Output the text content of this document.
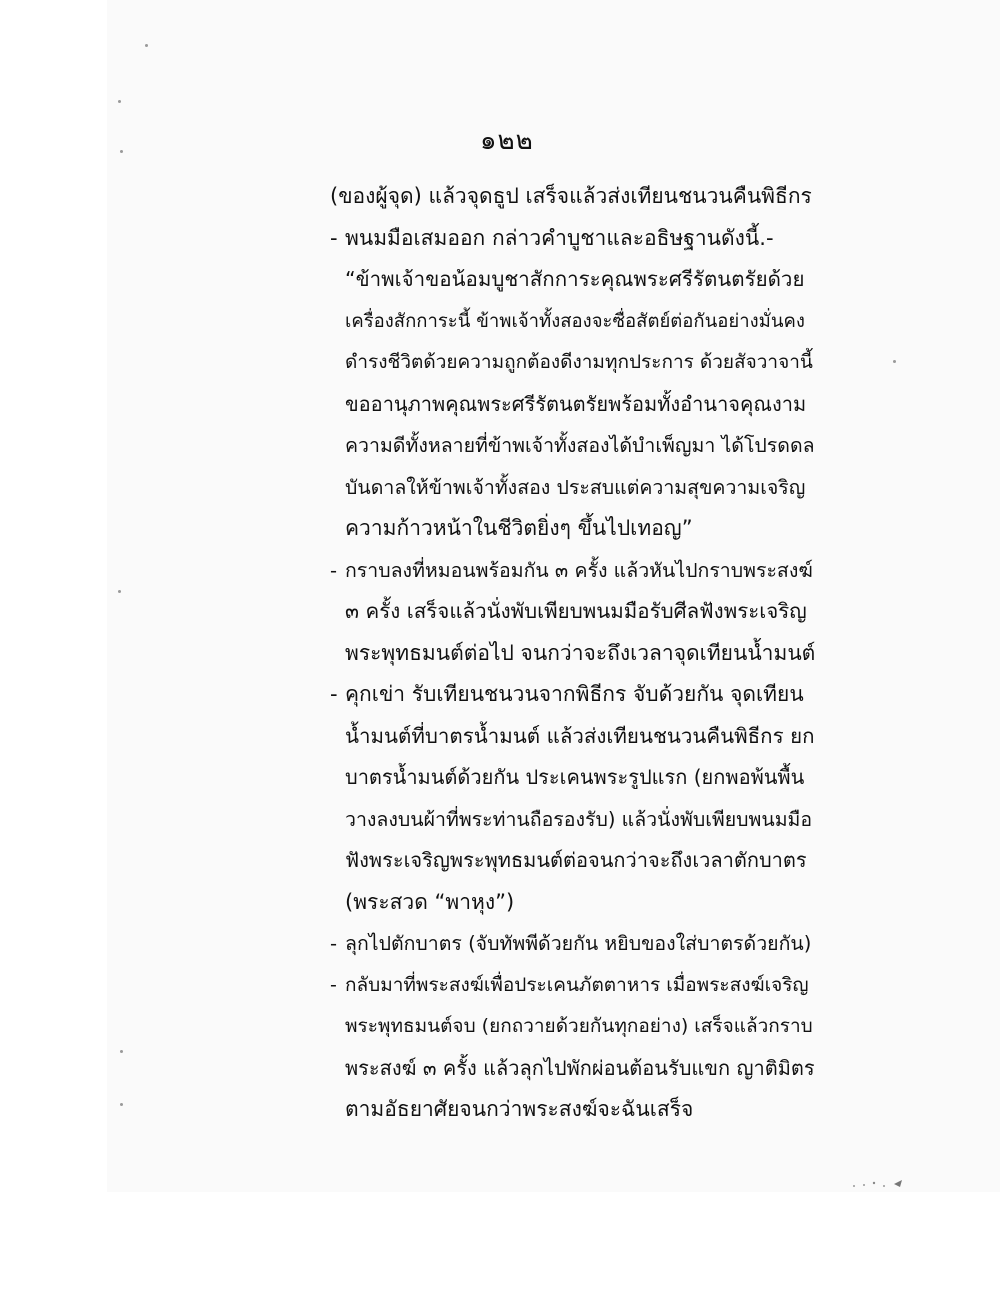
๑๒๒
(ของผู้จุด) แล้วจุดธูป เสร็จแล้วส่งเทียนชนวนคืนพิธีกร
- พนมมือเสมออก กล่าวคำบูชาและอธิษฐานดังนี้.-
“ข้าพเจ้าขอน้อมบูชาสักการะคุณพระศรีรัตนตรัยด้วย
เครื่องสักการะนี้ ข้าพเจ้าทั้งสองจะซื่อสัตย์ต่อกันอย่างมั่นคง
ดำรงชีวิตด้วยความถูกต้องดีงามทุกประการ ด้วยสัจวาจานี้
ขออานุภาพคุณพระศรีรัตนตรัยพร้อมทั้งอำนาจคุณงาม
ความดีทั้งหลายที่ข้าพเจ้าทั้งสองได้บำเพ็ญมา ได้โปรดดล
บันดาลให้ข้าพเจ้าทั้งสอง ประสบแต่ความสุขความเจริญ
ความก้าวหน้าในชีวิตยิ่งๆ ขึ้นไปเทอญ”
- กราบลงที่หมอนพร้อมกัน ๓ ครั้ง แล้วหันไปกราบพระสงฆ์
๓ ครั้ง เสร็จแล้วนั่งพับเพียบพนมมือรับศีลฟังพระเจริญ
พระพุทธมนต์ต่อไป จนกว่าจะถึงเวลาจุดเทียนน้ำมนต์
- คุกเข่า รับเทียนชนวนจากพิธีกร จับด้วยกัน จุดเทียน
น้ำมนต์ที่บาตรน้ำมนต์ แล้วส่งเทียนชนวนคืนพิธีกร ยก
บาตรน้ำมนต์ด้วยกัน ประเคนพระรูปแรก (ยกพอพ้นพื้น
วางลงบนผ้าที่พระท่านถือรองรับ) แล้วนั่งพับเพียบพนมมือ
ฟังพระเจริญพระพุทธมนต์ต่อจนกว่าจะถึงเวลาตักบาตร
(พระสวด “พาหุง”)
- ลุกไปตักบาตร (จับทัพพีด้วยกัน หยิบของใส่บาตรด้วยกัน)
- กลับมาที่พระสงฆ์เพื่อประเคนภัตตาหาร เมื่อพระสงฆ์เจริญ
พระพุทธมนต์จบ (ยกถวายด้วยกันทุกอย่าง) เสร็จแล้วกราบ
พระสงฆ์ ๓ ครั้ง แล้วลุกไปพักผ่อนต้อนรับแขก ญาติมิตร
ตามอัธยาศัยจนกว่าพระสงฆ์จะฉันเสร็จ
